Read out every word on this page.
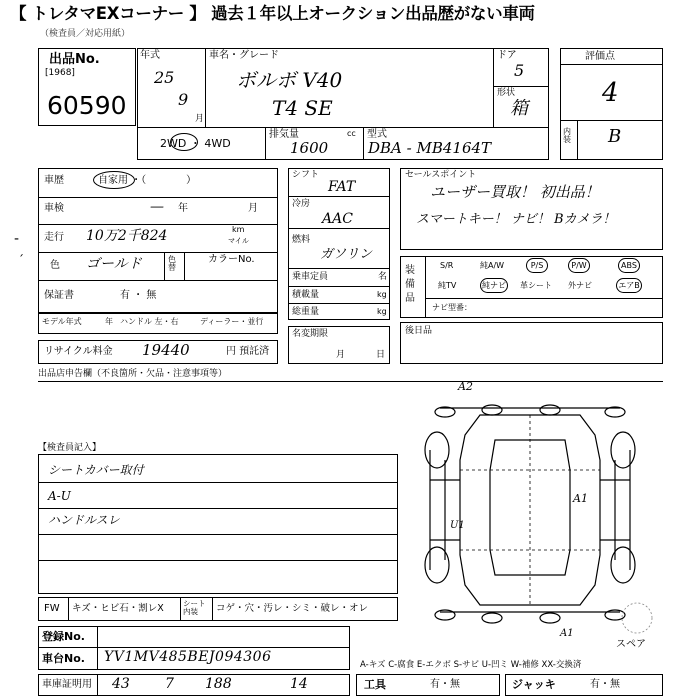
【 トレタマEXコーナー 】 過去１年以上オークション出品歴がない車両
（検査員／対応用紙）
出品No.
[1968]
60590
年式
25
9
月
車名・グレード
ボルボ V40
T4 SE
ドア
5
形状
箱
2WD ・ 4WD
排気量	cc
1600
型式
DBA - MB4164T
評価点
4
内装 B
車歴	自家用 ・（　　　　）
車検	— 年	月
走行 10万2千824	km
マイル
色 ゴールド	色替
カラーNo.
保証書	有 ・ 無
モデル年式	年 ハンドル 左・右	ディーラー・並行
リサイクル料金 19440	円 預託済
シフト
FAT
冷房
AAC
燃料
ガソリン
乗車定員	名
積載量	kg
総重量	kg
名変期限
月	日
セールスポイント
ユーザー買取！ 初出品！
スマートキー！ ナビ！ Bカメラ！
装備品
S/R	純A/W	P/S	P/W	ABS
純TV	純ナビ 革シート 外ナビ	エアB
ナビ型番：
後日品
出品店申告欄（不良箇所・欠品・注意事項等）
【検査員記入】
シートカバー取付
A-U
ハンドルスレ
‐
ˊ
A2
A1
U1
A1
スペア
FW キズ・ヒビ石・割レX	シート内装	コゲ・穴・汚レ・シミ・破レ・オレ
登録No.
車台No. YV1MV485BEJ094306	A-キズ C-腐食 E-エクボ S-サビ U-凹ミ W-補修 XX-交換済
車庫証明用 43	7 188	14	工具	有・無	ジャッキ	有・無
